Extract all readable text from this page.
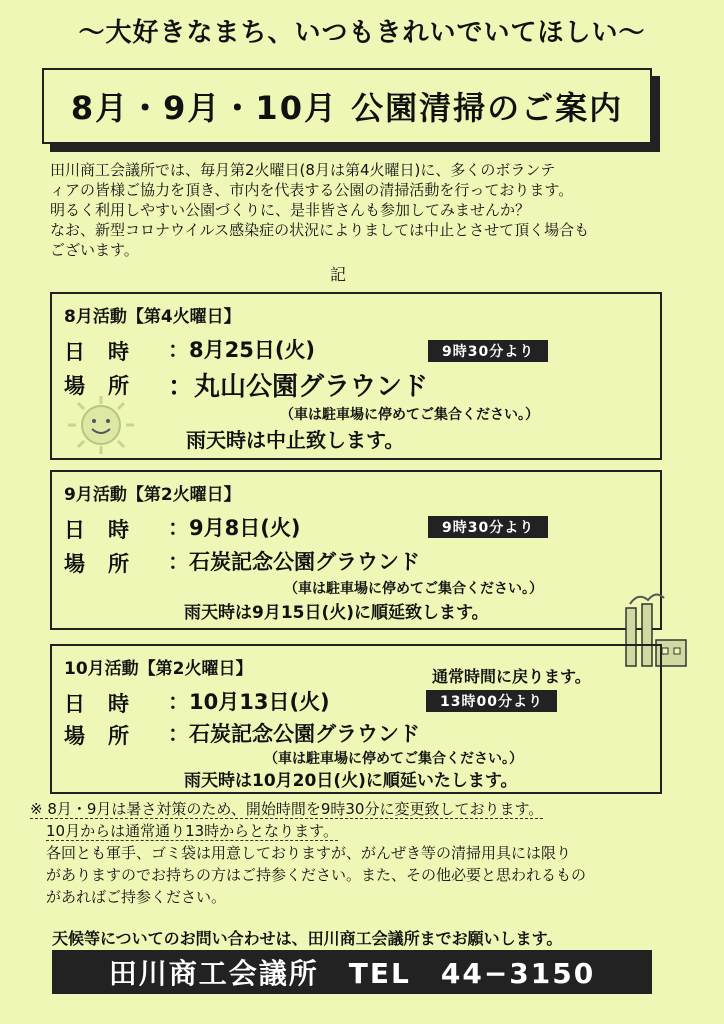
〜大好きなまち、いつもきれいでいてほしい〜
8月・9月・10月 公園清掃のご案内

田川商工会議所では、毎月第2火曜日(8月は第4火曜日)に、多くのボランテ

ィアの皆様ご協力を頂き、市内を代表する公園の清掃活動を行っております。

明るく利用しやすい公園づくりに、是非皆さんも参加してみませんか？

なお、新型コロナウイルス感染症の状況によりましては中止とさせて頂く場合も

ございます。

記
8月活動【第4火曜日】
日　時 ：8月25日(火)	9時30分より
場　所 ：丸山公園グラウンド
（車は駐車場に停めてご集合ください。）
雨天時は中止致します。
9月活動【第2火曜日】
日　時 ：9月8日(火)	9時30分より
場　所 ：石炭記念公園グラウンド
（車は駐車場に停めてご集合ください。）
雨天時は9月15日(火)に順延致します。
10月活動【第2火曜日】	通常時間に戻ります。
日　時 ：10月13日(火)	13時00分より
場　所 ：石炭記念公園グラウンド
（車は駐車場に停めてご集合ください。）
雨天時は10月20日(火)に順延いたします。

※ 8月・9月は暑さ対策のため、開始時間を9時30分に変更致しております。

10月からは通常通り13時からとなります。

各回とも軍手、ゴミ袋は用意しておりますが、がんぜき等の清掃用具には限り

がありますのでお持ちの方はご持参ください。また、その他必要と思われるもの

があればご持参ください。

天候等についてのお問い合わせは、田川商工会議所までお願いします。
田川商工会議所　TEL　44−3150
